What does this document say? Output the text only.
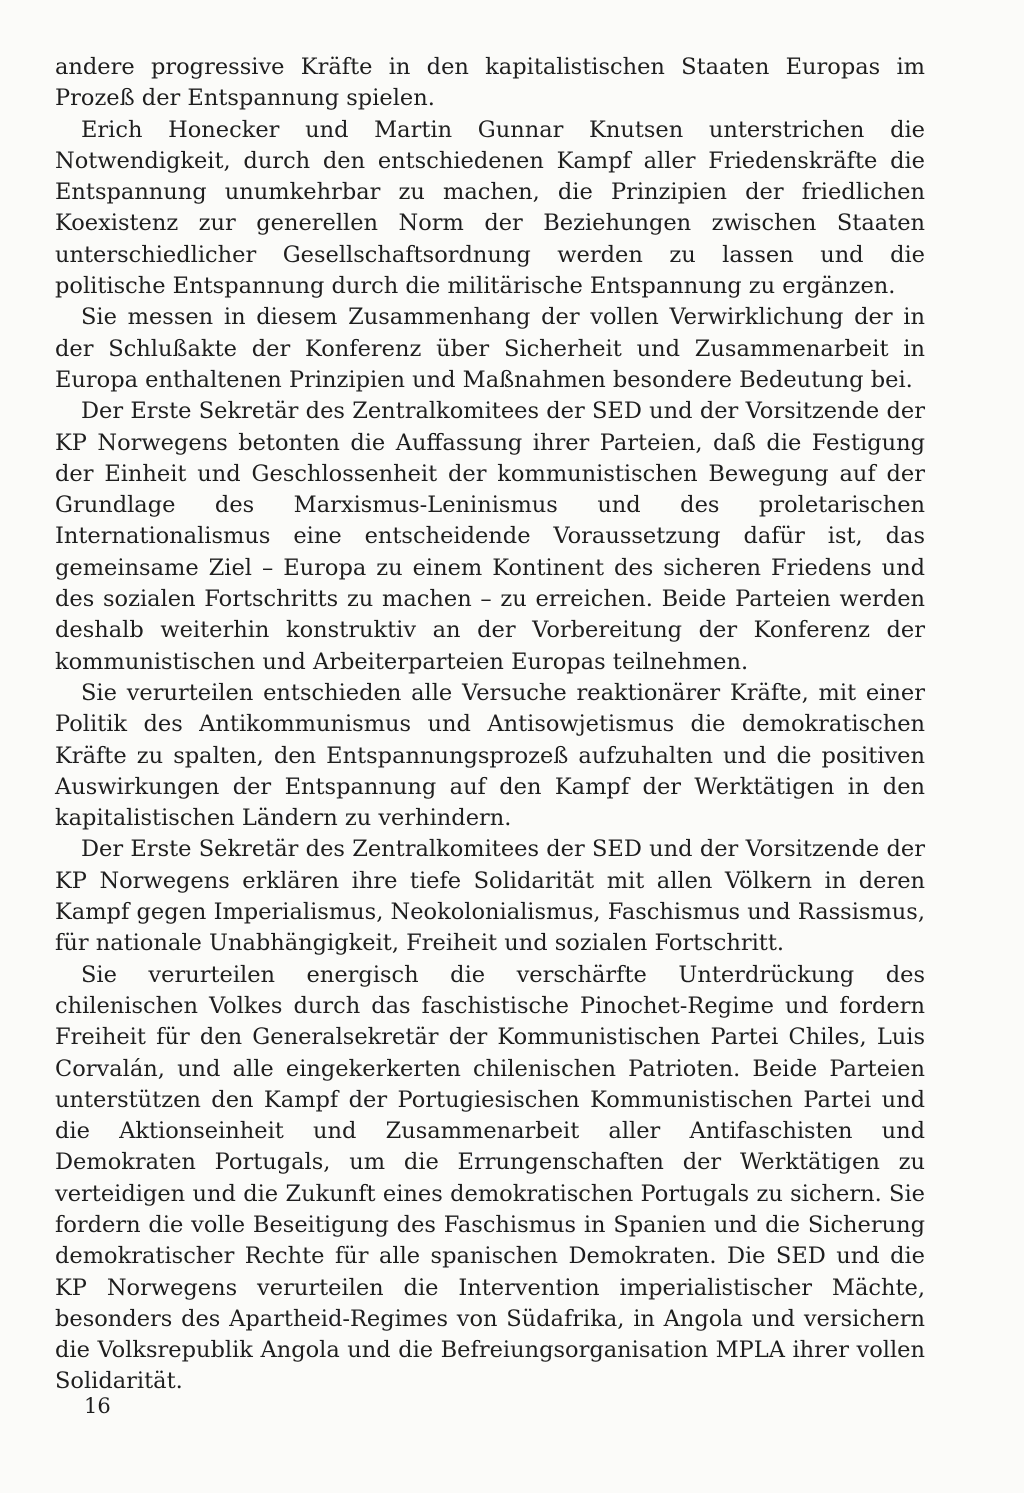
andere progressive Kräfte in den kapitalistischen Staaten Europas im Prozeß der Entspannung spielen.

Erich Honecker und Martin Gunnar Knutsen unterstrichen die Notwendigkeit, durch den entschiedenen Kampf aller Friedenskräfte die Entspannung unumkehrbar zu machen, die Prinzipien der friedlichen Koexistenz zur generellen Norm der Beziehungen zwischen Staaten unterschiedlicher Gesellschaftsordnung werden zu lassen und die politische Entspannung durch die militärische Entspannung zu ergänzen.

Sie messen in diesem Zusammenhang der vollen Verwirklichung der in der Schlußakte der Konferenz über Sicherheit und Zusammenarbeit in Europa enthaltenen Prinzipien und Maßnahmen besondere Bedeutung bei.

Der Erste Sekretär des Zentralkomitees der SED und der Vorsitzende der KP Norwegens betonten die Auffassung ihrer Parteien, daß die Festigung der Einheit und Geschlossenheit der kommunistischen Bewegung auf der Grundlage des Marxismus-Leninismus und des proletarischen Internationalismus eine entscheidende Voraussetzung dafür ist, das gemeinsame Ziel – Europa zu einem Kontinent des sicheren Friedens und des sozialen Fortschritts zu machen – zu erreichen. Beide Parteien werden deshalb weiterhin konstruktiv an der Vorbereitung der Konferenz der kommunistischen und Arbeiterparteien Europas teilnehmen.

Sie verurteilen entschieden alle Versuche reaktionärer Kräfte, mit einer Politik des Antikommunismus und Antisowjetismus die demokratischen Kräfte zu spalten, den Entspannungsprozeß aufzuhalten und die positiven Auswirkungen der Entspannung auf den Kampf der Werktätigen in den kapitalistischen Ländern zu verhindern.

Der Erste Sekretär des Zentralkomitees der SED und der Vorsitzende der KP Norwegens erklären ihre tiefe Solidarität mit allen Völkern in deren Kampf gegen Imperialismus, Neokolonialismus, Faschismus und Rassismus, für nationale Unabhängigkeit, Freiheit und sozialen Fortschritt.

Sie verurteilen energisch die verschärfte Unterdrückung des chilenischen Volkes durch das faschistische Pinochet-Regime und fordern Freiheit für den Generalsekretär der Kommunistischen Partei Chiles, Luis Corvalán, und alle eingekerkerten chilenischen Patrioten. Beide Parteien unterstützen den Kampf der Portugiesischen Kommunistischen Partei und die Aktionseinheit und Zusammenarbeit aller Antifaschisten und Demokraten Portugals, um die Errungenschaften der Werktätigen zu verteidigen und die Zukunft eines demokratischen Portugals zu sichern. Sie fordern die volle Beseitigung des Faschismus in Spanien und die Sicherung demokratischer Rechte für alle spanischen Demokraten. Die SED und die KP Norwegens verurteilen die Intervention imperialistischer Mächte, besonders des Apartheid-Regimes von Südafrika, in Angola und versichern die Volksrepublik Angola und die Befreiungsorganisation MPLA ihrer vollen Solidarität.

16
